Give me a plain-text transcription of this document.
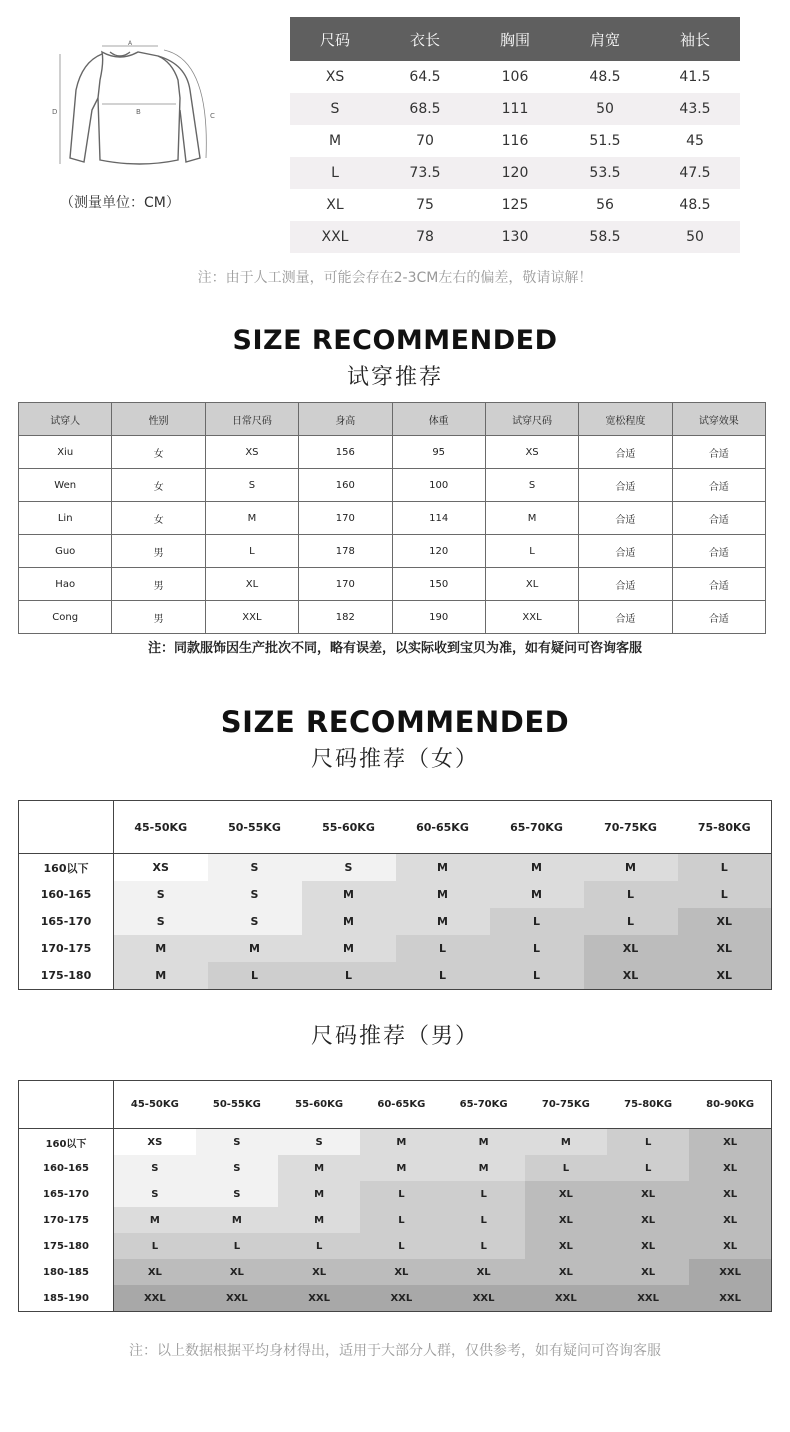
D	B
A
C
（测量单位：CM）
尺码	衣长	胸围	肩宽	袖长
XS	64.5	106	48.5	41.5
S	68.5	111	50	43.5
M	70	116	51.5	45
L	73.5	120	53.5	47.5
XL	75	125	56	48.5
XXL	78	130	58.5	50
注：由于人工测量，可能会存在2-3CM左右的偏差，敬请谅解！
SIZE RECOMMENDED
试穿推荐
试穿人	性别	日常尺码	身高	体重	试穿尺码	宽松程度	试穿效果
Xiu	女	XS	156	95	XS	合适	合适
Wen	女	S	160	100	S	合适	合适
Lin	女	M	170	114	M	合适	合适
Guo	男	L	178	120	L	合适	合适
Hao	男	XL	170	150	XL	合适	合适
Cong	男	XXL	182	190	XXL	合适	合适
注：同款服饰因生产批次不同，略有误差，以实际收到宝贝为准，如有疑问可咨询客服
SIZE RECOMMENDED
尺码推荐（女）
	45-50KG	50-55KG	55-60KG	60-65KG	65-70KG	70-75KG	75-80KG
160以下	XS	S	S	M	M	M	L
160-165	S	S	M	M	M	L	L
165-170	S	S	M	M	L	L	XL
170-175	M	M	M	L	L	XL	XL
175-180	M	L	L	L	L	XL	XL
尺码推荐（男）
	45-50KG	50-55KG	55-60KG	60-65KG	65-70KG	70-75KG	75-80KG	80-90KG
160以下	XS	S	S	M	M	M	L	XL
160-165	S	S	M	M	M	L	L	XL
165-170	S	S	M	L	L	XL	XL	XL
170-175	M	M	M	L	L	XL	XL	XL
175-180	L	L	L	L	L	XL	XL	XL
180-185	XL	XL	XL	XL	XL	XL	XL	XXL
185-190	XXL	XXL	XXL	XXL	XXL	XXL	XXL	XXL
注：以上数据根据平均身材得出，适用于大部分人群，仅供参考，如有疑问可咨询客服
